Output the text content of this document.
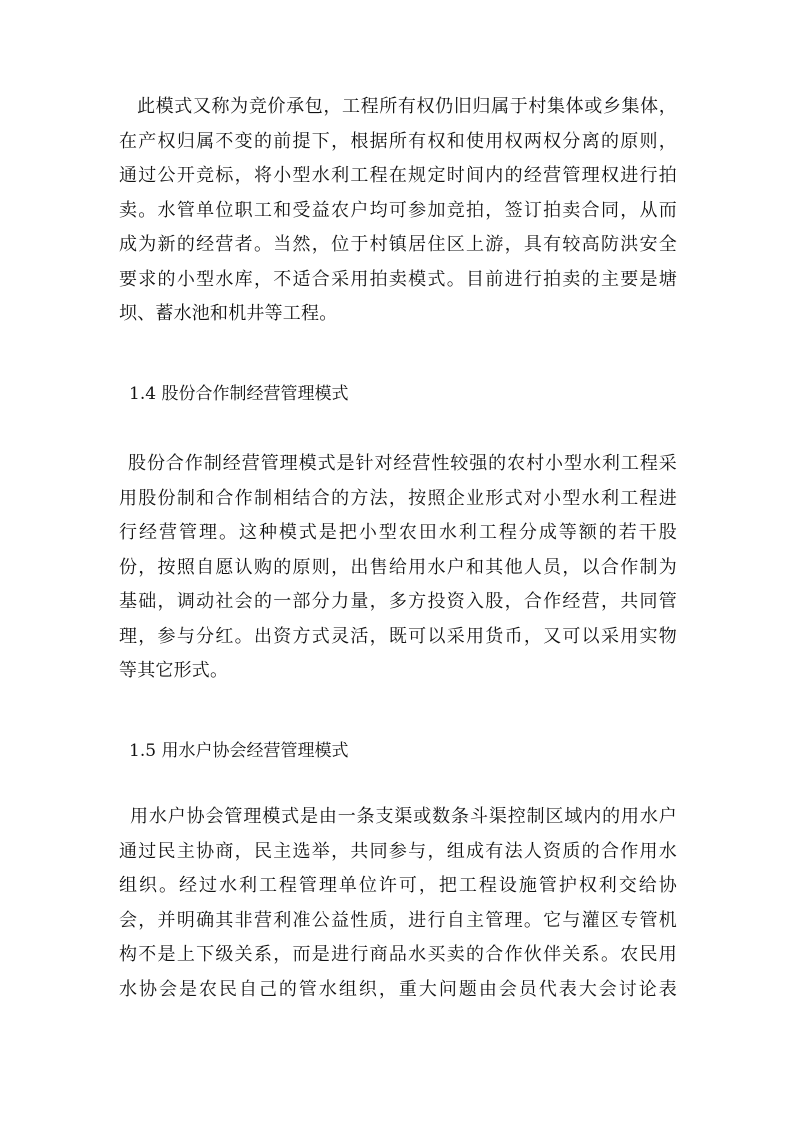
此模式又称为竞价承包，工程所有权仍旧归属于村集体或乡集体，
在产权归属不变的前提下，根据所有权和使用权两权分离的原则，
通过公开竞标，将小型水利工程在规定时间内的经营管理权进行拍
卖。水管单位职工和受益农户均可参加竞拍，签订拍卖合同，从而
成为新的经营者。当然，位于村镇居住区上游，具有较高防洪安全
要求的小型水库，不适合采用拍卖模式。目前进行拍卖的主要是塘
坝、蓄水池和机井等工程。

1.4 股份合作制经营管理模式

股份合作制经营管理模式是针对经营性较强的农村小型水利工程采
用股份制和合作制相结合的方法，按照企业形式对小型水利工程进
行经营管理。这种模式是把小型农田水利工程分成等额的若干股
份，按照自愿认购的原则，出售给用水户和其他人员，以合作制为
基础，调动社会的一部分力量，多方投资入股，合作经营，共同管
理，参与分红。出资方式灵活，既可以采用货币，又可以采用实物
等其它形式。

1.5 用水户协会经营管理模式

用水户协会管理模式是由一条支渠或数条斗渠控制区域内的用水户
通过民主协商，民主选举，共同参与，组成有法人资质的合作用水
组织。经过水利工程管理单位许可，把工程设施管护权利交给协
会，并明确其非营利准公益性质，进行自主管理。它与灌区专管机
构不是上下级关系，而是进行商品水买卖的合作伙伴关系。农民用
水协会是农民自己的管水组织，重大问题由会员代表大会讨论表
